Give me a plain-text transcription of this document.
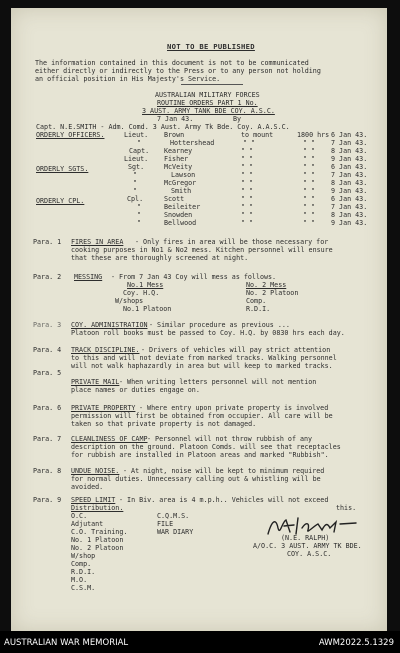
NOT TO BE PUBLISHED
The information contained in this document is not to be communicated
either directly or indirectly to the Press or to any person not holding
an official position in His Majesty's Service.
AUSTRALIAN MILITARY FORCES
ROUTINE ORDERS PART 1 No.
3 AUST. ARMY TANK BDE COY. A.S.C.
7 Jan 43.	By
Capt. N.E.SMITH - Adm. Comd. 3 Aust. Army Tk Bde. Coy. A.A.S.C.
ORDERLY OFFICERS.	Lieut. Brown	to mount	1800 hrs 6 Jan 43.
"	Hottershead	" "	" " 7 Jan 43.
Capt. Kearney	" "	" " 8 Jan 43.
Lieut. Fisher	" "	" " 9 Jan 43.
ORDERLY SGTS.	Sgt.	McVeity	" "	" " 6 Jan 43.
"	Lawson	" "	" " 7 Jan 43.
"	McGregor	" "	" " 8 Jan 43.
"	Smith	" "	" " 9 Jan 43.
ORDERLY CPL.	Cpl.	Scott	" "	" " 6 Jan 43.
"	Beileiter	" "	" " 7 Jan 43.
"	Snowden	" "	" " 8 Jan 43.
"	Bellwood	" "	" " 9 Jan 43.
Para. 1 FIRES IN AREA - Only fires in area will be those necessary for
cooking purposes in No1 & No2 mess. Kitchen personnel will ensure
that these are thoroughly screened at night.
Para. 2 MESSING - From 7 Jan 43 Coy will mess as follows.
No.1 Mess
Coy. H.Q.
W/shops
No.1 Platoon
No. 2 Mess
No. 2 Platoon
Comp.
R.D.I.
Para. 3 COY. ADMINISTRATION - Similar procedure as previous ...
Platoon roll books must be passed to Coy. H.Q. by 0830 hrs each day.
Para. 4 TRACK DISCIPLINE. - Drivers of vehicles will pay strict attention
to this and will not deviate from marked tracks. Walking personnel
will not walk haphazardly in area but will keep to marked tracks.
Para. 5
PRIVATE MAIL - When writing letters personnel will not mention
place names or duties engage on.
Para. 6 PRIVATE PROPERTY - Where entry upon private property is involved
permission will first be obtained from occupier. All care will be
taken so that private property is not damaged.
Para. 7 CLEANLINESS OF CAMP - Personnel will not throw rubbish of any
description on the ground. Platoon Comds. will see that receptacles
for rubbish are installed in Platoon areas and marked "Rubbish".
Para. 8 UNDUE NOISE. - At night, noise will be kept to minimum required
for normal duties. Unnecessary calling out & whistling will be
avoided.
Para. 9 SPEED LIMIT - In Biv. area is 4 m.p.h.. Vehicles will not exceed
this.
Distribution.
O.C.
Adjutant
C.O. Training.
No. 1 Platoon
No. 2 Platoon
W/shop
Comp.
R.D.I.
M.O.
C.S.M.
C.Q.M.S.
FILE
WAR DIARY
(N.E. RALPH)
A/O.C. 3 AUST. ARMY TK BDE.
COY. A.S.C.
AUSTRALIAN WAR MEMORIAL	AWM2022.5.1329
